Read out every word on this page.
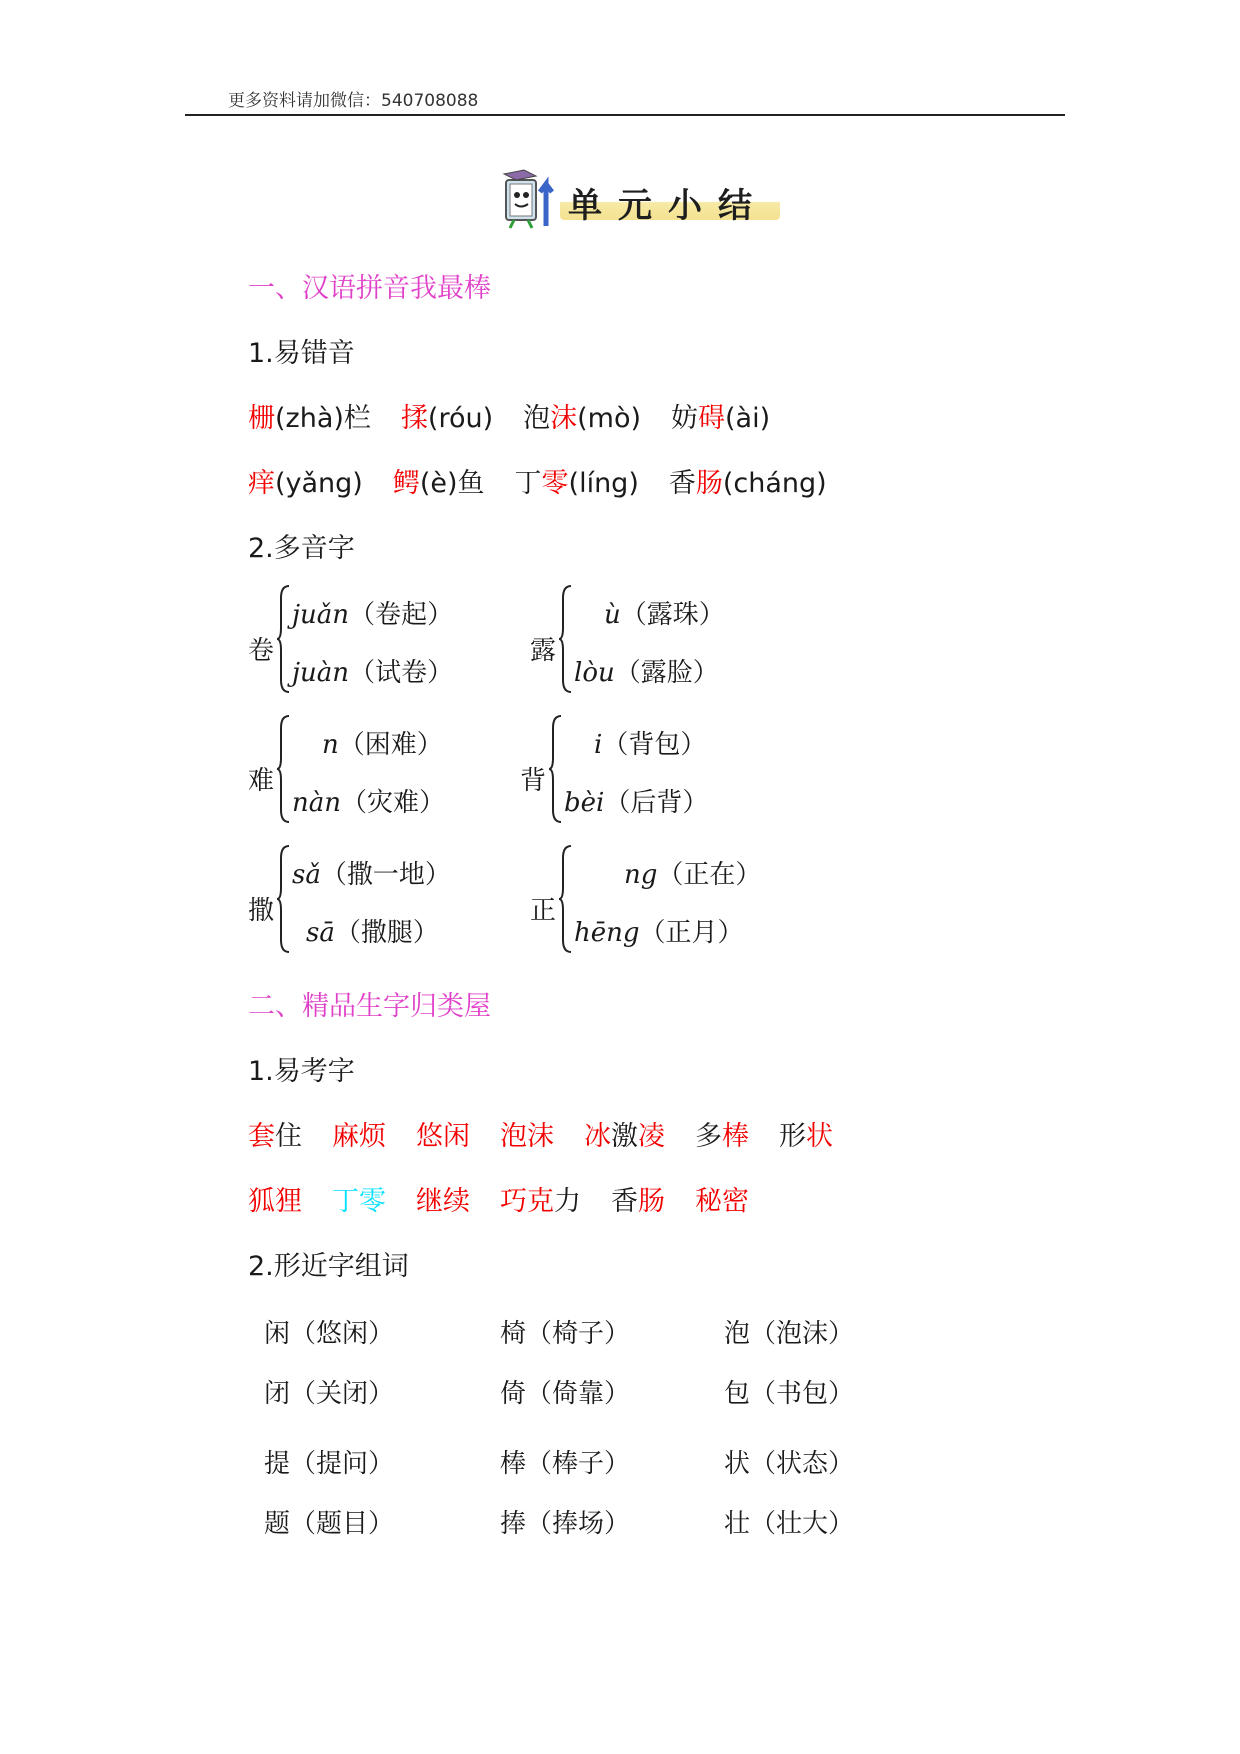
更多资料请加微信：540708088
单元小结
一、汉语拼音我最棒
1.易错音
栅(zhà)栏 揉(róu) 泡沫(mò) 妨碍(ài)
痒(yǎng) 鳄(è)鱼 丁零(líng) 香肠(cháng)
2.多音字
卷
juǎn（卷起）
juàn（试卷）
露
ù（露珠）
lòu（露脸）
难
n（困难）
nàn（灾难）
背
i（背包）
bèi（后背）
撒
sǎ（撒一地）
sā（撒腿）
正
ng（正在）
hēng（正月）
二、精品生字归类屋
1.易考字
套住 麻烦 悠闲 泡沫 冰激凌 多棒 形状
狐狸 丁零 继续 巧克力 香肠 秘密
2.形近字组词
闲（悠闲）	椅（椅子）	泡（泡沫）
闭（关闭）	倚（倚靠）	包（书包）
提（提问）	棒（棒子）	状（状态）
题（题目）	捧（捧场）	壮（壮大）
